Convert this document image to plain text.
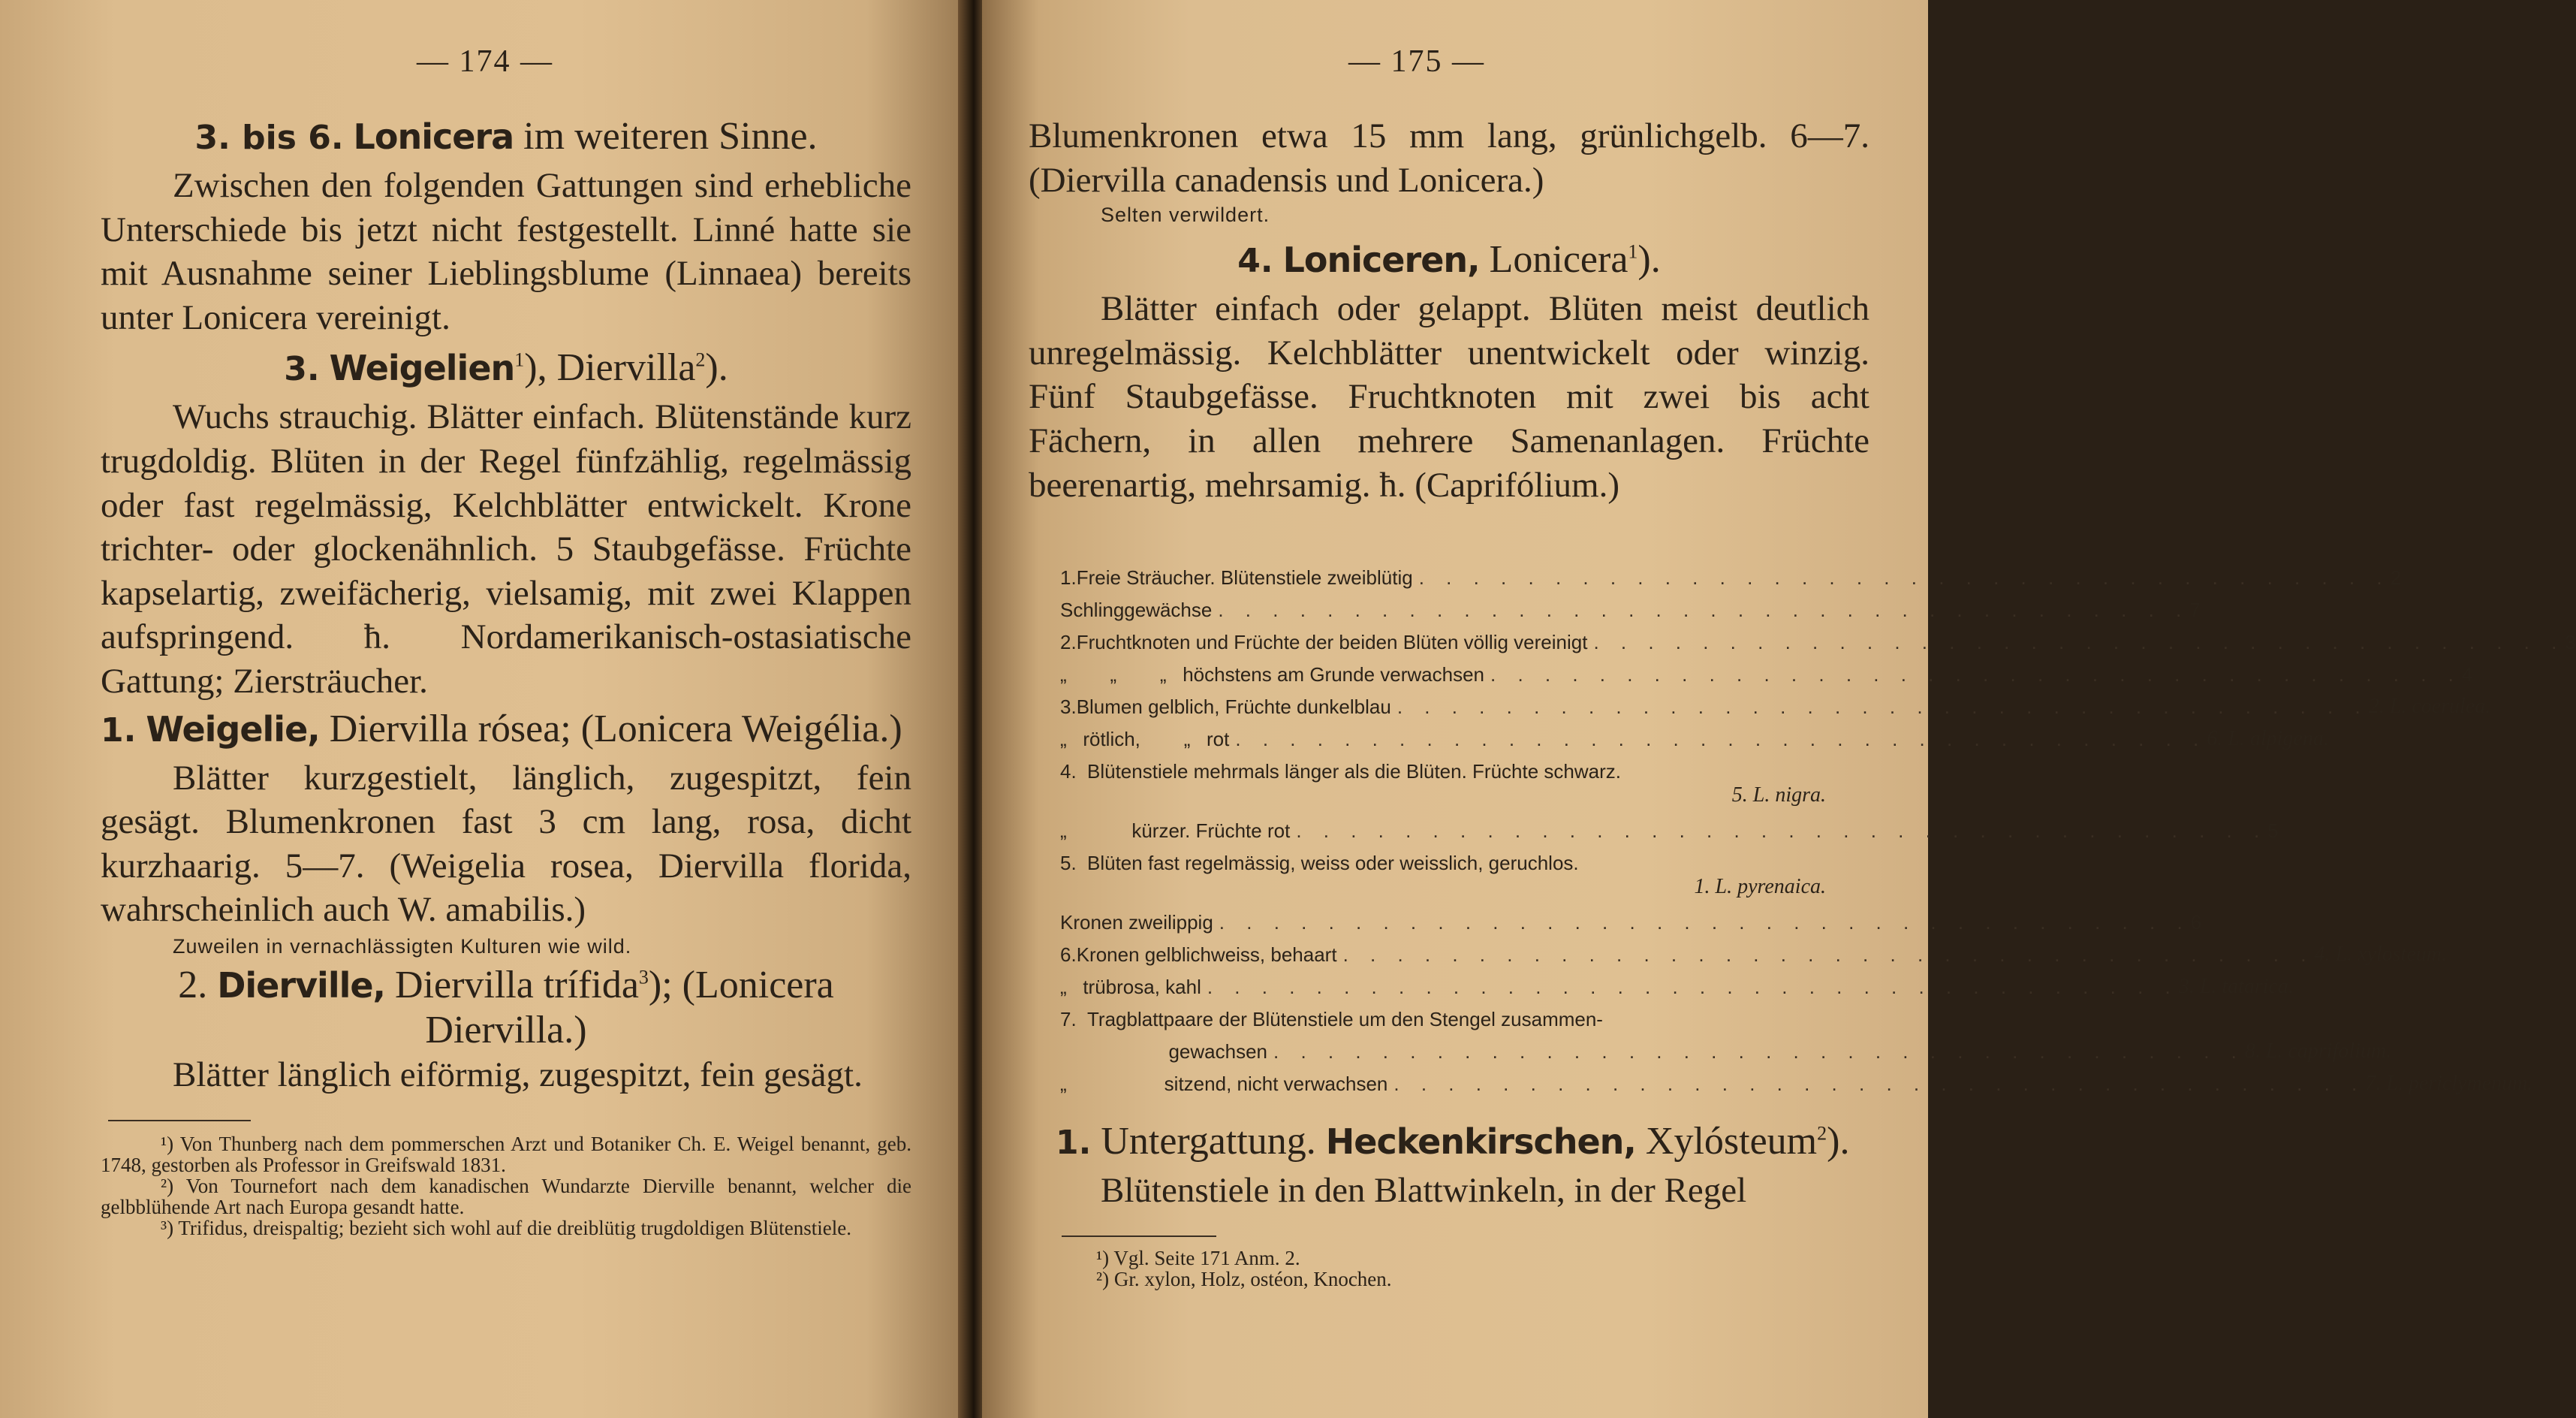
— 174 —

3. bis 6. Lonicera im weiteren Sinne.

Zwischen den folgenden Gattungen sind erhebliche Unterschiede bis jetzt nicht festgestellt. Linné hatte sie mit Ausnahme seiner Lieblingsblume (Linnaea) bereits unter Lonicera vereinigt.

3. Weigelien$^1$), Diervilla$^2$).

Wuchs strauchig. Blätter einfach. Blütenstände kurz trugdoldig. Blüten in der Regel fünfzählig, regelmässig oder fast regelmässig, Kelchblätter entwickelt. Krone trichter- oder glockenähnlich. 5 Staubgefässe. Früchte kapselartig, zweifächerig, vielsamig, mit zwei Klappen aufspringend. ħ. Nordamerikanisch-ostasiatische Gattung; Ziersträucher.

1. Weigelie, Diervilla rósea; (Lonicera Weigélia.)

Blätter kurzgestielt, länglich, zugespitzt, fein gesägt. Blumenkronen fast 3 cm lang, rosa, dicht kurzhaarig. 5—7. (Weigelia rosea, Diervilla florida, wahrscheinlich auch W. amabilis.)

Zuweilen in vernachlässigten Kulturen wie wild.

2. Dierville, Diervilla trífida$^3$); (Lonicera Diervilla.)

Blätter länglich eiförmig, zugespitzt, fein gesägt.

¹) Von Thunberg nach dem pommerschen Arzt und Botaniker Ch. E. Weigel benannt, geb. 1748, gestorben als Professor in Greifswald 1831.

²) Von Tournefort nach dem kanadischen Wundarzte Dierville benannt, welcher die gelbblühende Art nach Europa gesandt hatte.

³) Trifidus, dreispaltig; bezieht sich wohl auf die dreiblütig trugdoldigen Blütenstiele.

— 175 —

Blumenkronen etwa 15 mm lang, grünlichgelb. 6—7. (Diervilla canadensis und Lonicera.)

Selten verwildert.

4. Loniceren, Lonicera$^1$).

Blätter einfach oder gelappt. Blüten meist deutlich unregelmässig. Kelchblätter unentwickelt oder winzig. Fünf Staubgefässe. Fruchtknoten mit zwei bis acht Fächern, in allen mehrere Samenanlagen. Früchte beerenartig, mehrsamig. ħ. (Caprifólium.)

1. Freie Sträucher. Blütenstiele zweiblütig . . . . . . . . . . . . . . . . . . . . . . . . . . . . . . . . . . . . 2
Schlinggewächse . . . . . . . . . . . . . . . . . . . . . . . . . . . . . . . . . . . . 7
2. Fruchtknoten und Früchte der beiden Blüten völlig vereinigt . . . . . . . . . . . . . . . . . . . . . . . . . . . . . . . . . . . . 3
„        „        „   höchstens am Grunde verwachsen . . . . . . . . . . . . . . . . . . . . . . . . . . . . . . . . . . . . 4
3. Blumen gelblich, Früchte dunkelblau . . . . . . . . . . . . . . . . . . . . . . . . . . . . . . . . . . . . 2. L. coerulea.
„   rötlich,        „   rot . . . . . . . . . . . . . . . . . . . . . . . . . . . . . . . . . . . . 6. L. alpigena.
4. Blütenstiele mehrmals länger als die Blüten. Früchte schwarz.
5. L. nigra.
„            kürzer. Früchte rot . . . . . . . . . . . . . . . . . . . . . . . . . . . . . . . . . . . . 5
5. Blüten fast regelmässig, weiss oder weisslich, geruchlos.
1. L. pyrenaica.
Kronen zweilippig . . . . . . . . . . . . . . . . . . . . . . . . . . . . . . . . . . . . 6
6. Kronen gelblichweiss, behaart . . . . . . . . . . . . . . . . . . . . . . . . . . . . . . . . . . . . 4. L. xylosteum.
„   trübrosa, kahl . . . . . . . . . . . . . . . . . . . . . . . . . . . . . . . . . . . . 3. L. tatarica.
7. Tragblattpaare der Blütenstiele um den Stengel zusammen-
gewachsen . . . . . . . . . . . . . . . . . . . . . . . . . . . . . . . . . . . . 8. L. caprifolium.
„                  sitzend, nicht verwachsen . . . . . . . . . . . . . . . . . . . . . . . . . . . . . . . . . . . . 7. L. periclymenum.

1. Untergattung. Heckenkirschen, Xylósteum$^2$).

Blütenstiele in den Blattwinkeln, in der Regel

¹) Vgl. Seite 171 Anm. 2.

²) Gr. xylon, Holz, ostéon, Knochen.
